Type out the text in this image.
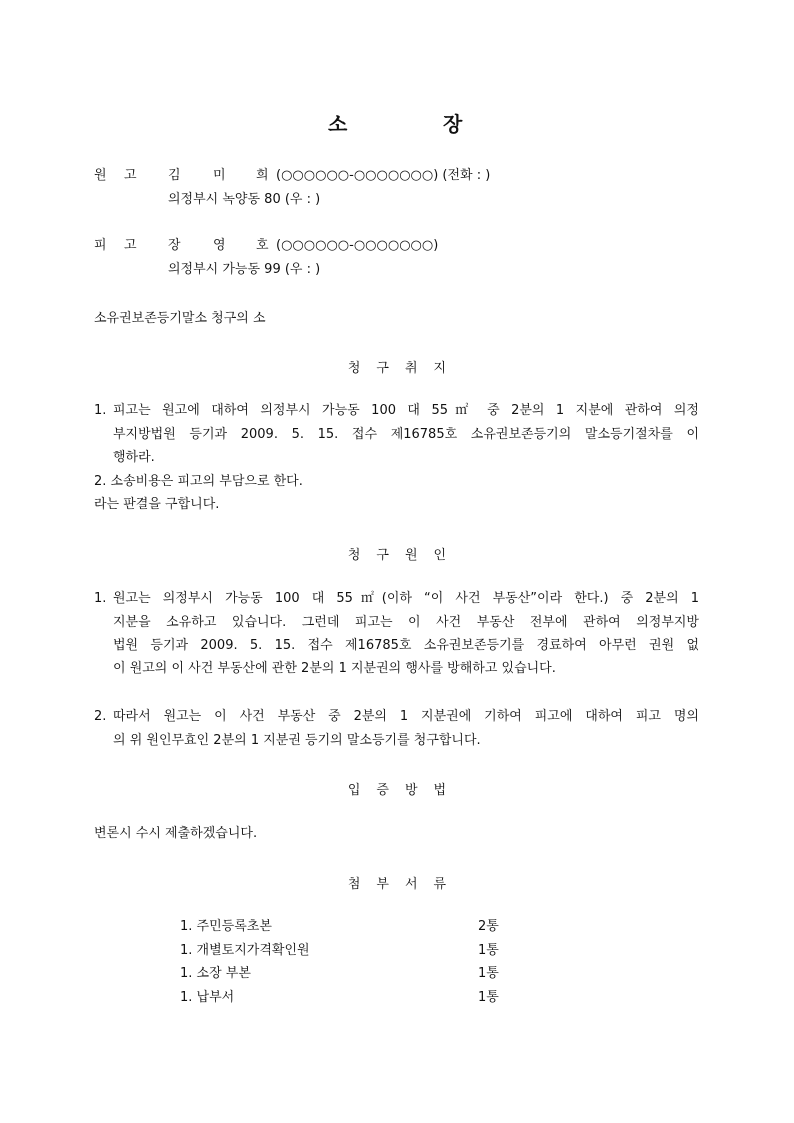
소	장
원 고 김 미 희 (○○○○○○-○○○○○○○) (전화 : )
의정부시 녹양동 80 (우 : )
피 고 장 영 호 (○○○○○○-○○○○○○○)
의정부시 가능동 99 (우 : )
소유권보존등기말소 청구의 소
청구취지
1. 피고는 원고에 대하여 의정부시 가능동 100 대 55㎡ 중 2분의 1 지분에 관하여 의정
부지방법원 등기과 2009. 5. 15. 접수 제16785호 소유권보존등기의 말소등기절차를 이
행하라.
2. 소송비용은 피고의 부담으로 한다.
라는 판결을 구합니다.
청구원인
1. 원고는 의정부시 가능동 100 대 55㎡(이하 “이 사건 부동산”이라 한다.) 중 2분의 1
지분을 소유하고 있습니다. 그런데 피고는 이 사건 부동산 전부에 관하여 의정부지방
법원 등기과 2009. 5. 15. 접수 제16785호 소유권보존등기를 경료하여 아무런 권원 없
이 원고의 이 사건 부동산에 관한 2분의 1 지분권의 행사를 방해하고 있습니다.
2. 따라서 원고는 이 사건 부동산 중 2분의 1 지분권에 기하여 피고에 대하여 피고 명의
의 위 원인무효인 2분의 1 지분권 등기의 말소등기를 청구합니다.
입증방법
변론시 수시 제출하겠습니다.
첨부서류
1. 주민등록초본	2통
1. 개별토지가격확인원	1통
1. 소장 부본	1통
1. 납부서	1통
